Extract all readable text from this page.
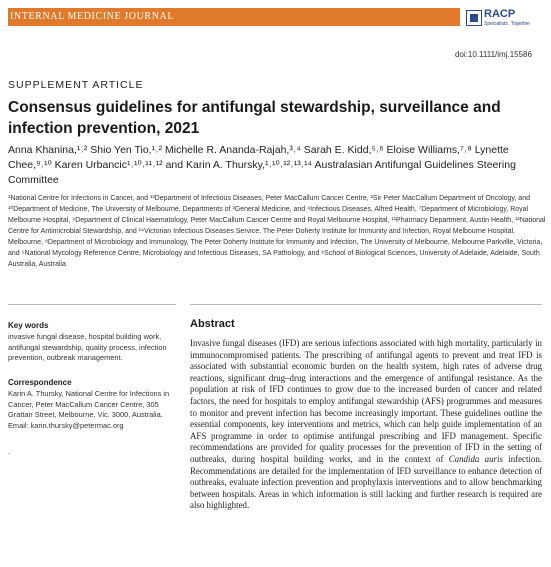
INTERNAL MEDICINE JOURNAL	RACP
Specialists. Together
doi:10.1111/imj.15586
SUPPLEMENT ARTICLE
Consensus guidelines for antifungal stewardship, surveillance and infection prevention, 2021
Anna Khanina,¹˒² Shio Yen Tio,¹˒² Michelle R. Ananda-Rajah,³˒⁴ Sarah E. Kidd,⁵˒⁶ Eloise Williams,⁷˒⁸ Lynette Chee,⁹˒¹⁰ Karen Urbancic¹˒¹⁰˒¹¹˒¹² and Karin A. Thursky,¹˒¹⁰˒¹²˒¹³˒¹⁴ Australasian Antifungal Guidelines Steering Committee
¹National Centre for Infections in Cancer, and ¹³Department of Infectious Diseases, Peter MacCallum Cancer Centre, ²Sir Peter MacCallum Department of Oncology, and ¹⁰Department of Medicine, The University of Melbourne, Departments of ³General Medicine, and ⁴Infectious Diseases, Alfred Health, ⁷Department of Microbiology, Royal Melbourne Hospital, ⁹Department of Clinical Haematology, Peter MacCallum Cancer Centre and Royal Melbourne Hospital, ¹¹Pharmacy Department, Austin Health, ¹²National Centre for Antimicrobial Stewardship, and ¹⁴Victorian Infectious Diseases Service, The Peter Doherty Institute for Immunity and Infection, Royal Melbourne Hospital, Melbourne, ⁸Department of Microbiology and Immunology, The Peter Doherty Institute for Immunity and Infection, The University of Melbourne, Melbourne Parkville, Victoria, and ⁵National Mycology Reference Centre, Microbiology and Infectious Diseases, SA Pathology, and ⁶School of Biological Sciences, University of Adelaide, Adelaide, South Australia, Australia
Key words
invasive fungal disease, hospital building work, antifungal stewardship, quality process, infection prevention, outbreak management.
Correspondence
Karin A. Thursky, National Centre for Infections in Cancer, Peter MacCallum Cancer Centre, 305 Grattan Street, Melbourne, Vic. 3000, Australia. Email: karin.thursky@petermac.org
.
Abstract

Invasive fungal diseases (IFD) are serious infections associated with high mortality, particularly in immunocompromised patients. The prescribing of antifungal agents to prevent and treat IFD is associated with substantial economic burden on the health system, high rates of adverse drug reactions, significant drug–drug interactions and the emergence of antifungal resistance. As the population at risk of IFD continues to grow due to the increased burden of cancer and related factors, the need for hospitals to employ antifungal stewardship (AFS) programmes and measures to monitor and prevent infection has become increasingly important. These guidelines outline the essential components, key interventions and metrics, which can help guide implementation of an AFS programme in order to optimise antifungal prescribing and IFD management. Specific recommendations are provided for quality processes for the prevention of IFD in the setting of outbreaks, during hospital building works, and in the context of Candida auris infection. Recommendations are detailed for the implementation of IFD surveillance to enhance detection of outbreaks, evaluate infection prevention and prophylaxis interventions and to allow benchmarking between hospitals. Areas in which information is still lacking and further research is required are also highlighted.
